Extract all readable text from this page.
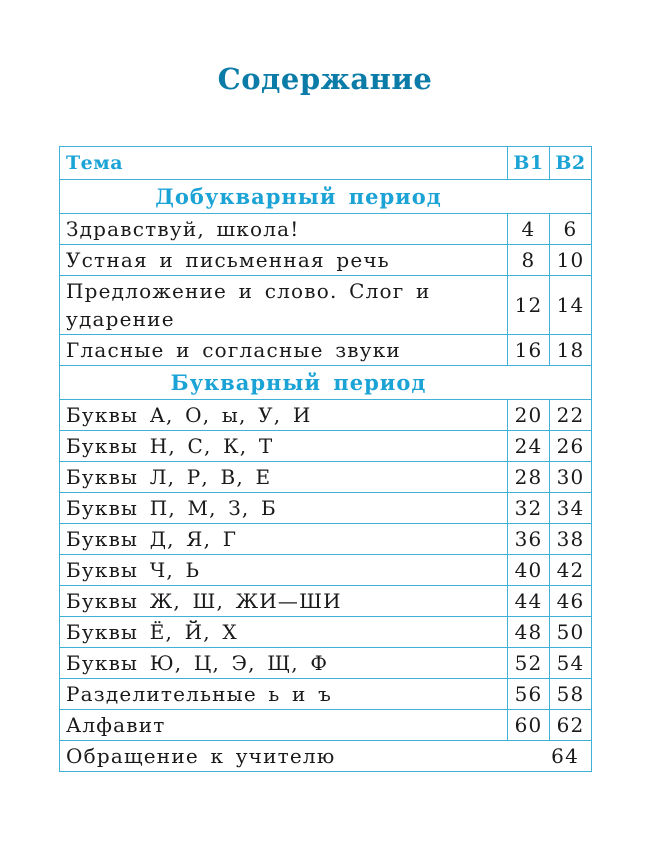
Содержание
Тема	В1	В2
Добукварный период		
Здравствуй, школа!	4	6
Устная и письменная речь	8	10
Предложение и слово. Слог и ударение	12	14
Гласные и согласные звуки	16	18
Букварный период		
Буквы А, О, ы, У, И	20	22
Буквы Н, С, К, Т	24	26
Буквы Л, Р, В, Е	28	30
Буквы П, М, З, Б	32	34
Буквы Д, Я, Г	36	38
Буквы Ч, Ь	40	42
Буквы Ж, Ш, ЖИ—ШИ	44	46
Буквы Ё, Й, Х	48	50
Буквы Ю, Ц, Э, Щ, Ф	52	54
Разделительные ь и ъ	56	58
Алфавит	60	62
Обращение к учителю 64		
